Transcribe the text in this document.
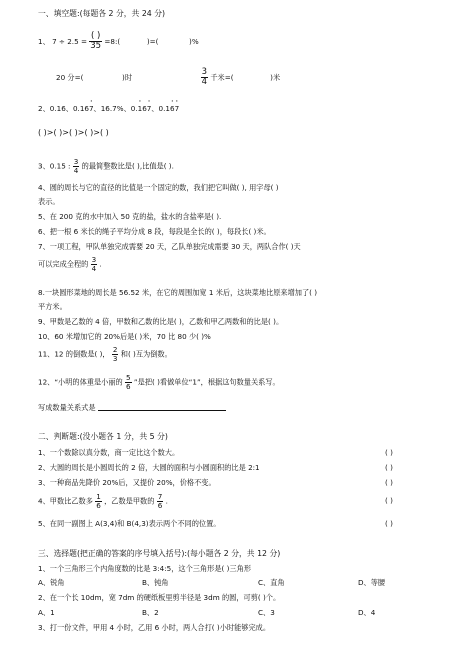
一、填空题:(每题各 2 分，共 24 分)
1、 $7 \div 2.5 = \frac{( )}{35}$ =8:(	)=(	)%
20 分=(	)时	$\frac{3}{4}$ 千米=(	)米
2、0.16、0.167 ·、16.7%、0.1 ·67 ·、0.16 ·7 ·
( )>( )>( )>( )>( )
3、0.15 : $\frac{3}{4}$ 的最简整数比是( ),比值是( ).
4、圆的周长与它的直径的比值是一个固定的数，我们把它叫做( ), 用字母( )
表示。
5、在 200 克的水中加入 50 克的盐，盐水的含盐率是( ).
6、把一根 6 米长的绳子平均分成 8 段，每段是全长的( )，每段长( )米。
7、一项工程，甲队单独完成需要 20 天，乙队单独完成需要 30 天，两队合作( )天
可以完成全程的 $\frac{3}{4}$ .
8.一块圆形菜地的周长是 56.52 米，在它的周围加宽 1 米后，这块菜地比原来增加了( )
平方米。
9、甲数是乙数的 4 倍，甲数和乙数的比是( )，乙数和甲乙两数和的比是( )。
10、60 米增加它的 20%后是( )米，70 比 80 少( )%
11、12 的倒数是( )， $\frac{2}{3}$ 和( )互为倒数。
12、“小明的体重是小丽的 $\frac{5}{6}$ ”是把( )看做单位“1”，根据这句数量关系写。
写成数量关系式是
二、判断题:(没小题各 1 分，共 5 分)
1、一个数除以真分数，商一定比这个数大。	( )
2、大圆的周长是小圆周长的 2 倍，大圆的面积与小圆面积的比是 2:1	( )
3、一种商品先降价 20%后，又提价 20%，价格不变。	( )
4、甲数比乙数多 $\frac{1}{6}$ ，乙数是甲数的 $\frac{7}{6}$ .	( )
5、在同一副图上 A(3,4)和 B(4,3)表示两个不同的位置。	( )
三、选择题(把正确的答案的序号填入括号):(每小题各 2 分，共 12 分)
1、一个三角形三个内角度数的比是 3:4:5，这个三角形是( )三角形
A、锐角	B、钝角	C、直角	D、等腰
2、在一个长 10dm，宽 7dm 的硬纸板里剪半径是 3dm 的圆，可剪( )个。
A、1	B、2	C、3	D、4
3、打一份文件，甲用 4 小时，乙用 6 小时，两人合打( )小时能够完成。
